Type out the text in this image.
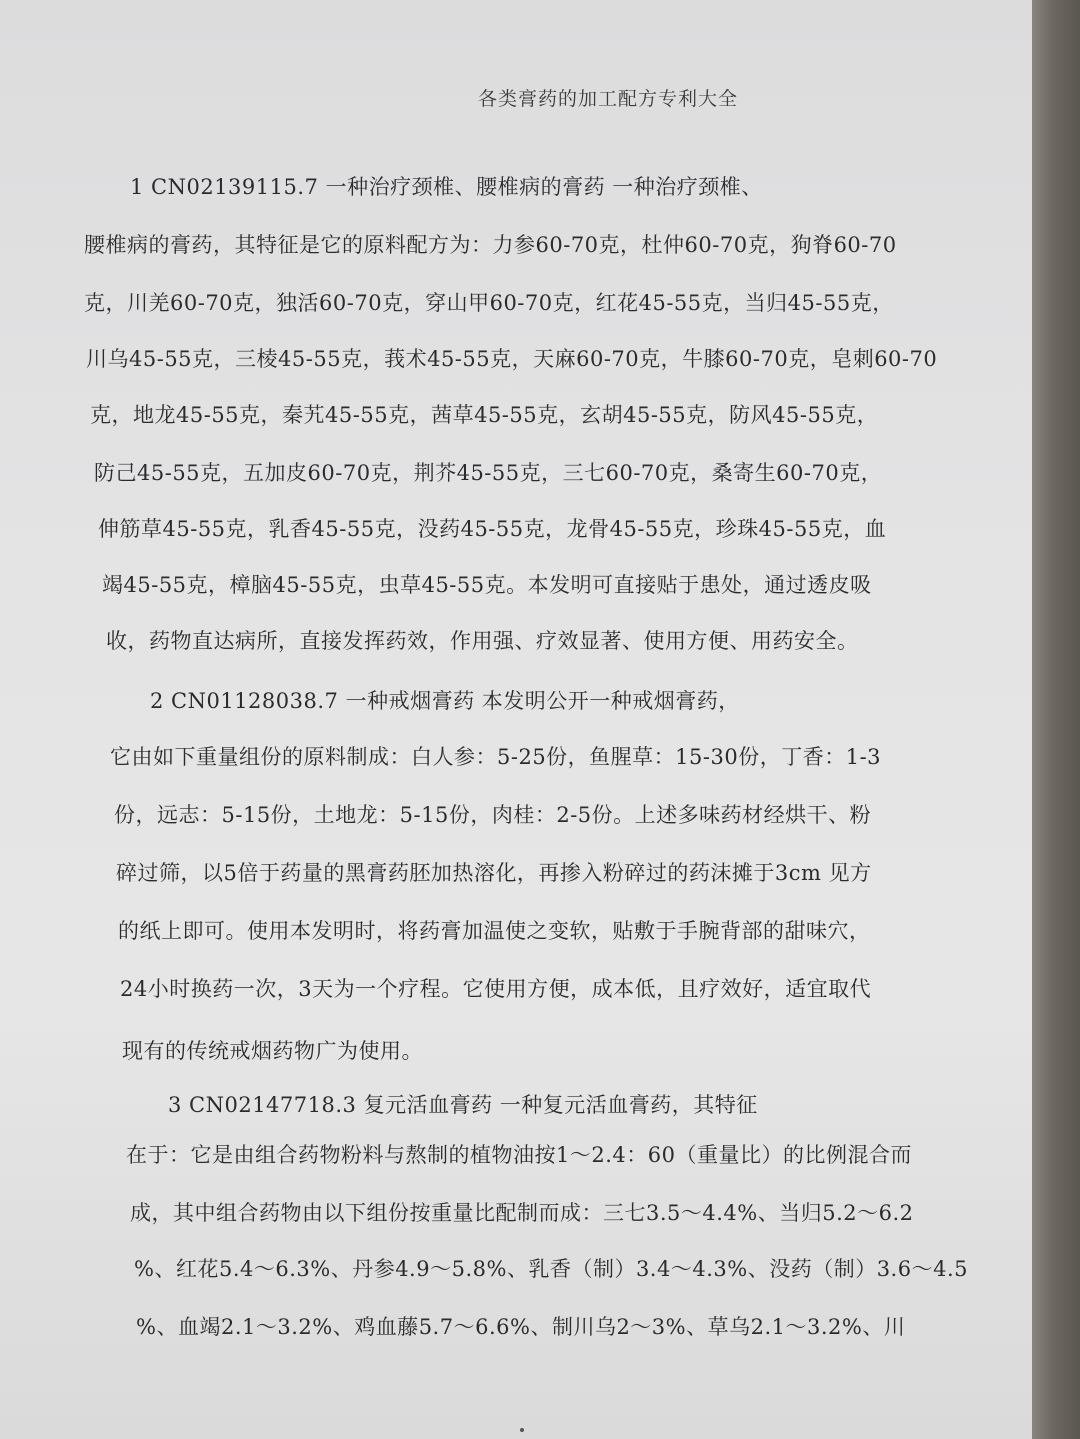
各类膏药的加工配方专利大全
1 CN02139115.7 一种治疗颈椎、腰椎病的膏药 一种治疗颈椎、
腰椎病的膏药，其特征是它的原料配方为：力参60-70克，杜仲60-70克，狗脊60-70
克，川羌60-70克，独活60-70克，穿山甲60-70克，红花45-55克，当归45-55克，
川乌45-55克，三棱45-55克，莪术45-55克，天麻60-70克，牛膝60-70克，皂刺60-70
克，地龙45-55克，秦艽45-55克，茜草45-55克，玄胡45-55克，防风45-55克，
防己45-55克，五加皮60-70克，荆芥45-55克，三七60-70克，桑寄生60-70克，
伸筋草45-55克，乳香45-55克，没药45-55克，龙骨45-55克，珍珠45-55克，血
竭45-55克，樟脑45-55克，虫草45-55克。本发明可直接贴于患处，通过透皮吸
收，药物直达病所，直接发挥药效，作用强、疗效显著、使用方便、用药安全。
2 CN01128038.7 一种戒烟膏药 本发明公开一种戒烟膏药，
它由如下重量组份的原料制成：白人参：5-25份，鱼腥草：15-30份，丁香：1-3
份，远志：5-15份，土地龙：5-15份，肉桂：2-5份。上述多味药材经烘干、粉
碎过筛，以5倍于药量的黑膏药胚加热溶化，再掺入粉碎过的药沫摊于3cm 见方
的纸上即可。使用本发明时，将药膏加温使之变软，贴敷于手腕背部的甜味穴，
24小时换药一次，3天为一个疗程。它使用方便，成本低，且疗效好，适宜取代
现有的传统戒烟药物广为使用。
3 CN02147718.3 复元活血膏药 一种复元活血膏药，其特征
在于：它是由组合药物粉料与熬制的植物油按1～2.4：60（重量比）的比例混合而
成，其中组合药物由以下组份按重量比配制而成：三七3.5～4.4%、当归5.2～6.2
%、红花5.4～6.3%、丹参4.9～5.8%、乳香（制）3.4～4.3%、没药（制）3.6～4.5
%、血竭2.1～3.2%、鸡血藤5.7～6.6%、制川乌2～3%、草乌2.1～3.2%、川
